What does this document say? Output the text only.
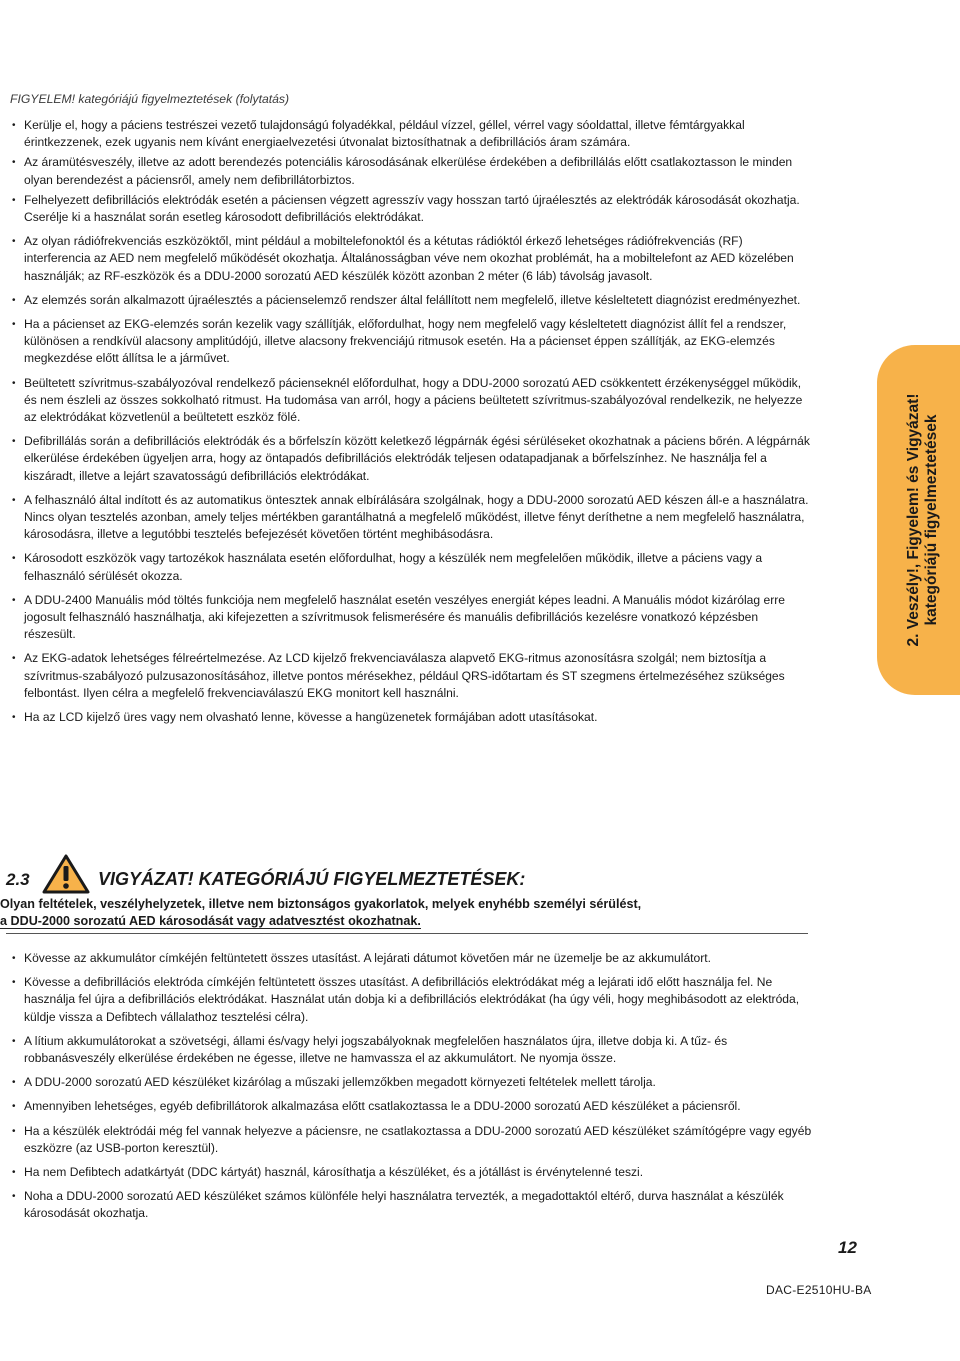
FIGYELEM! kategóriájú figyelmeztetések (folytatás)
• Kerülje el, hogy a páciens testrészei vezető tulajdonságú folyadékkal, például vízzel, géllel, vérrel vagy sóoldattal, illetve fémtárgyakkal érintkezzenek, ezek ugyanis nem kívánt energiaelvezetési útvonalat biztosíthatnak a defibrillációs áram számára.
• Az áramütésveszély, illetve az adott berendezés potenciális károsodásának elkerülése érdekében a defibrillálás előtt csatlakoztasson le minden olyan berendezést a páciensről, amely nem defibrillátorbiztos.
• Felhelyezett defibrillációs elektródák esetén a páciensen végzett agresszív vagy hosszan tartó újraélesztés az elektródák károsodását okozhatja. Cserélje ki a használat során esetleg károsodott defibrillációs elektródákat.
• Az olyan rádiófrekvenciás eszközöktől, mint például a mobiltelefonoktól és a kétutas rádióktól érkező lehetséges rádiófrekvenciás (RF) interferencia az AED nem megfelelő működését okozhatja. Általánosságban véve nem okozhat problémát, ha a mobiltelefont az AED közelében használják; az RF-eszközök és a DDU-2000 sorozatú AED készülék között azonban 2 méter (6 láb) távolság javasolt.
• Az elemzés során alkalmazott újraélesztés a pácienselemző rendszer által felállított nem megfelelő, illetve késleltetett diagnózist eredményezhet.
• Ha a pácienset az EKG-elemzés során kezelik vagy szállítják, előfordulhat, hogy nem megfelelő vagy késleltetett diagnózist állít fel a rendszer, különösen a rendkívül alacsony amplitúdójú, illetve alacsony frekvenciájú ritmusok esetén. Ha a pácienset éppen szállítják, az EKG-elemzés megkezdése előtt állítsa le a járművet.
• Beültetett szívritmus-szabályozóval rendelkező pácienseknél előfordulhat, hogy a DDU-2000 sorozatú AED csökkentett érzékenységgel működik, és nem észleli az összes sokkolható ritmust. Ha tudomása van arról, hogy a páciens beültetett szívritmus-szabályozóval rendelkezik, ne helyezze az elektródákat közvetlenül a beültetett eszköz fölé.
• Defibrillálás során a defibrillációs elektródák és a bőrfelszín között keletkező légpárnák égési sérüléseket okozhatnak a páciens bőrén. A légpárnák elkerülése érdekében ügyeljen arra, hogy az öntapadós defibrillációs elektródák teljesen odatapadjanak a bőrfelszínhez. Ne használja fel a kiszáradt, illetve a lejárt szavatosságú defibrillációs elektródákat.
• A felhasználó által indított és az automatikus öntesztek annak elbírálására szolgálnak, hogy a DDU-2000 sorozatú AED készen áll-e a használatra. Nincs olyan tesztelés azonban, amely teljes mértékben garantálhatná a megfelelő működést, illetve fényt deríthetne a nem megfelelő használatra, károsodásra, illetve a legutóbbi tesztelés befejezését követően történt meghibásodásra.
• Károsodott eszközök vagy tartozékok használata esetén előfordulhat, hogy a készülék nem megfelelően működik, illetve a páciens vagy a felhasználó sérülését okozza.
• A DDU-2400 Manuális mód töltés funkciója nem megfelelő használat esetén veszélyes energiát képes leadni. A Manuális módot kizárólag erre jogosult felhasználó használhatja, aki kifejezetten a szívritmusok felismerésére és manuális defibrillációs kezelésre vonatkozó képzésben részesült.
• Az EKG-adatok lehetséges félreértelmezése. Az LCD kijelző frekvenciaválasza alapvető EKG-ritmus azonosításra szolgál; nem biztosítja a szívritmus-szabályozó pulzusazonosításához, illetve pontos mérésekhez, például QRS-időtartam és ST szegmens értelmezéséhez szükséges felbontást. Ilyen célra a megfelelő frekvenciaválaszú EKG monitort kell használni.
• Ha az LCD kijelző üres vagy nem olvasható lenne, kövesse a hangüzenetek formájában adott utasításokat.
2. Veszély!, Figyelem! és Vigyázat! kategóriájú figyelmeztetések
2.3	VIGYÁZAT! KATEGÓRIÁJÚ FIGYELMEZTETÉSEK:
Olyan feltételek, veszélyhelyzetek, illetve nem biztonságos gyakorlatok, melyek enyhébb személyi sérülést,
a DDU-2000 sorozatú AED károsodását vagy adatvesztést okozhatnak.
• Kövesse az akkumulátor címkéjén feltüntetett összes utasítást. A lejárati dátumot követően már ne üzemelje be az akkumulátort.
• Kövesse a defibrillációs elektróda címkéjén feltüntetett összes utasítást. A defibrillációs elektródákat még a lejárati idő előtt használja fel. Ne használja fel újra a defibrillációs elektródákat. Használat után dobja ki a defibrillációs elektródákat (ha úgy véli, hogy meghibásodott az elektróda, küldje vissza a Defibtech vállalathoz tesztelési célra).
• A lítium akkumulátorokat a szövetségi, állami és/vagy helyi jogszabályoknak megfelelően használatos újra, illetve dobja ki. A tűz- és robbanásveszély elkerülése érdekében ne égesse, illetve ne hamvassza el az akkumulátort. Ne nyomja össze.
• A DDU-2000 sorozatú AED készüléket kizárólag a műszaki jellemzőkben megadott környezeti feltételek mellett tárolja.
• Amennyiben lehetséges, egyéb defibrillátorok alkalmazása előtt csatlakoztassa le a DDU-2000 sorozatú AED készüléket a páciensről.
• Ha a készülék elektródái még fel vannak helyezve a páciensre, ne csatlakoztassa a DDU-2000 sorozatú AED készüléket számítógépre vagy egyéb eszközre (az USB-porton keresztül).
• Ha nem Defibtech adatkártyát (DDC kártyát) használ, károsíthatja a készüléket, és a jótállást is érvénytelenné teszi.
• Noha a DDU-2000 sorozatú AED készüléket számos különféle helyi használatra tervezték, a megadottaktól eltérő, durva használat a készülék károsodását okozhatja.
12
DAC-E2510HU-BA
